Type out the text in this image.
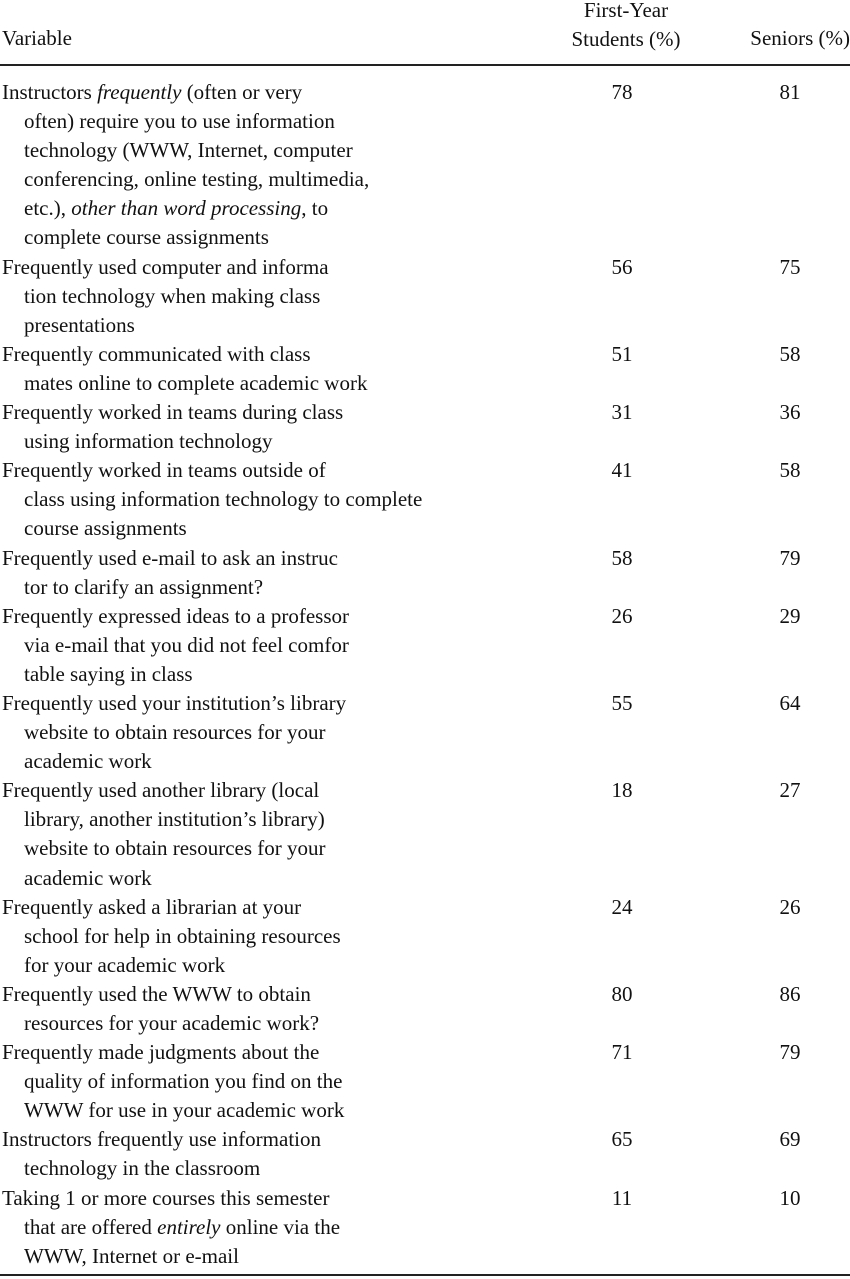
Variable
First-Year
Students (%)	Seniors (%)
Instructors frequently (often or very
often) require you to use information
technology (WWW, Internet, computer
conferencing, online testing, multimedia,
etc.), other than word processing, to
complete course assignments
78	81
Frequently used computer and informa
tion technology when making class
presentations
56	75
Frequently communicated with class
mates online to complete academic work
51	58
Frequently worked in teams during class
using information technology
31	36
Frequently worked in teams outside of
class using information technology to complete
course assignments
41	58
Frequently used e-mail to ask an instruc
tor to clarify an assignment?
58	79
Frequently expressed ideas to a professor
via e-mail that you did not feel comfor
table saying in class
26	29
Frequently used your institution’s library
website to obtain resources for your
academic work
55	64
Frequently used another library (local
library, another institution’s library)
website to obtain resources for your
academic work
18	27
Frequently asked a librarian at your
school for help in obtaining resources
for your academic work
24	26
Frequently used the WWW to obtain
resources for your academic work?
80	86
Frequently made judgments about the
quality of information you find on the
WWW for use in your academic work
71	79
Instructors frequently use information
technology in the classroom
65	69
Taking 1 or more courses this semester
that are offered entirely online via the
WWW, Internet or e-mail
11	10
